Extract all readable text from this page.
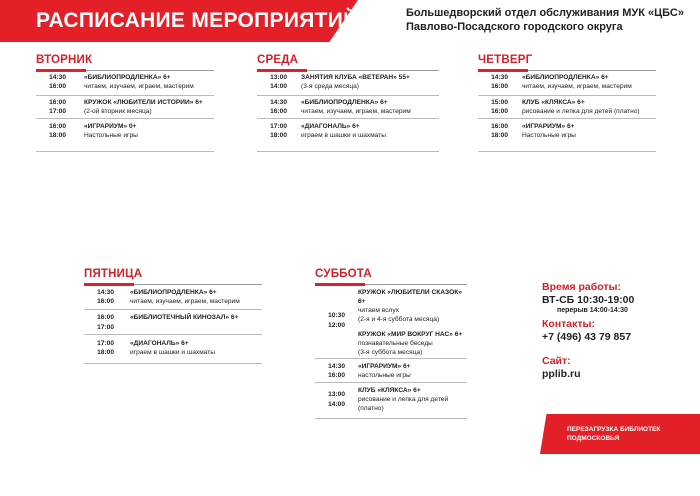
РАСПИСАНИЕ МЕРОПРИЯТИЙ	Большедворский отдел обслуживания МУК «ЦБС»
Павлово-Посадского городского округа
ВТОРНИК
14:30
16:00
«БИБЛИОПРОДЛЕНКА» 6+
читаем, изучаем, играем, мастерим
16:00
17:00
КРУЖОК «ЛЮБИТЕЛИ ИСТОРИИ» 6+
(2-ой вторник месяца)
16:00
18:00
«ИГРАРИУМ» 0+
Настольные игры
СРЕДА
13:00
14:00
ЗАНЯТИЯ КЛУБА «ВЕТЕРАН» 55+
(3-я среда месяца)
14:30
16:00
«БИБЛИОПРОДЛЕНКА» 6+
читаем, изучаем, играем, мастерим
17:00
18:00
«ДИАГОНАЛЬ» 6+
играем в шашки и шахматы
ЧЕТВЕРГ
14:30
16:00
«БИБЛИОПРОДЛЕНКА» 6+
читаем, изучаем, играем, мастерим
15:00
16:00
КЛУБ «КЛЯКСА» 6+
рисование и лепка для детей (платно)
16:00
18:00
«ИГРАРИУМ» 6+
Настольные игры
ПЯТНИЦА
14:30
16:00
«БИБЛИОПРОДЛЕНКА» 6+
читаем, изучаем, играем, мастерим
16:00
17:00
«БИБЛИОТЕЧНЫЙ КИНОЗАЛ» 6+
17:00
18:00
«ДИАГОНАЛЬ» 6+
играем в шашки и шахматы
СУББОТА
10:30
12:00
КРУЖОК «ЛЮБИТЕЛИ СКАЗОК» 6+
читаем вслух
(2-я и 4-я суббота месяца)
КРУЖОК «МИР ВОКРУГ НАС» 6+
познавательные беседы
(3-я суббота месяца)
14:30
16:00
«ИГРАРИУМ» 6+
настольные игры
13:00
14:00
КЛУБ «КЛЯКСА» 6+
рисование и лепка для детей
(платно)
Время работы:
ВТ-СБ 10:30-19:00
перерыв 14:00-14:30
Контакты:
+7 (496) 43 79 857
Сайт:
pplib.ru
ПЕРЕЗАГРУЗКА БИБЛИОТЕК
ПОДМОСКОВЬЯ
